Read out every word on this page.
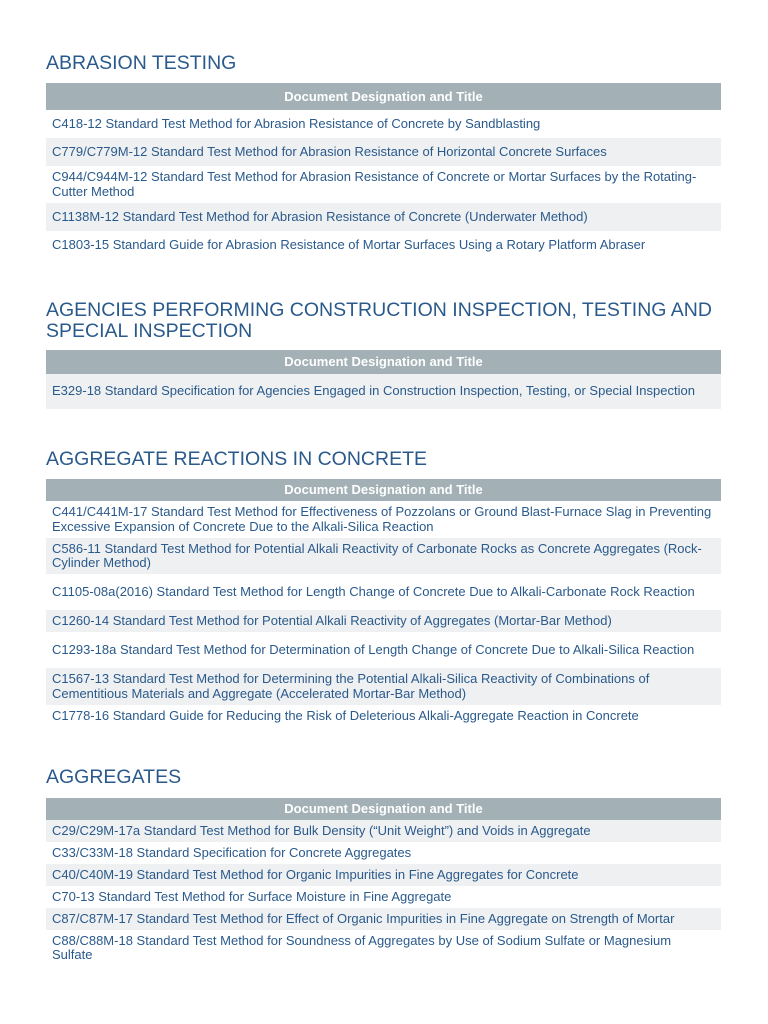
ABRASION TESTING
Document Designation and Title
C418-12 Standard Test Method for Abrasion Resistance of Concrete by Sandblasting
C779/C779M-12 Standard Test Method for Abrasion Resistance of Horizontal Concrete Surfaces
C944/C944M-12 Standard Test Method for Abrasion Resistance of Concrete or Mortar Surfaces by the Rotating-Cutter Method
C1138M-12 Standard Test Method for Abrasion Resistance of Concrete (Underwater Method)
C1803-15 Standard Guide for Abrasion Resistance of Mortar Surfaces Using a Rotary Platform Abraser
AGENCIES PERFORMING CONSTRUCTION INSPECTION, TESTING AND SPECIAL INSPECTION
Document Designation and Title
E329-18 Standard Specification for Agencies Engaged in Construction Inspection, Testing, or Special Inspection
AGGREGATE REACTIONS IN CONCRETE
Document Designation and Title
C441/C441M-17 Standard Test Method for Effectiveness of Pozzolans or Ground Blast-Furnace Slag in Preventing Excessive Expansion of Concrete Due to the Alkali-Silica Reaction
C586-11 Standard Test Method for Potential Alkali Reactivity of Carbonate Rocks as Concrete Aggregates (Rock-Cylinder Method)
C1105-08a(2016) Standard Test Method for Length Change of Concrete Due to Alkali-Carbonate Rock Reaction
C1260-14 Standard Test Method for Potential Alkali Reactivity of Aggregates (Mortar-Bar Method)
C1293-18a Standard Test Method for Determination of Length Change of Concrete Due to Alkali-Silica Reaction
C1567-13 Standard Test Method for Determining the Potential Alkali-Silica Reactivity of Combinations of Cementitious Materials and Aggregate (Accelerated Mortar-Bar Method)
C1778-16 Standard Guide for Reducing the Risk of Deleterious Alkali-Aggregate Reaction in Concrete
AGGREGATES
Document Designation and Title
C29/C29M-17a Standard Test Method for Bulk Density (“Unit Weight”) and Voids in Aggregate
C33/C33M-18 Standard Specification for Concrete Aggregates
C40/C40M-19 Standard Test Method for Organic Impurities in Fine Aggregates for Concrete
C70-13 Standard Test Method for Surface Moisture in Fine Aggregate
C87/C87M-17 Standard Test Method for Effect of Organic Impurities in Fine Aggregate on Strength of Mortar
C88/C88M-18 Standard Test Method for Soundness of Aggregates by Use of Sodium Sulfate or Magnesium Sulfate
